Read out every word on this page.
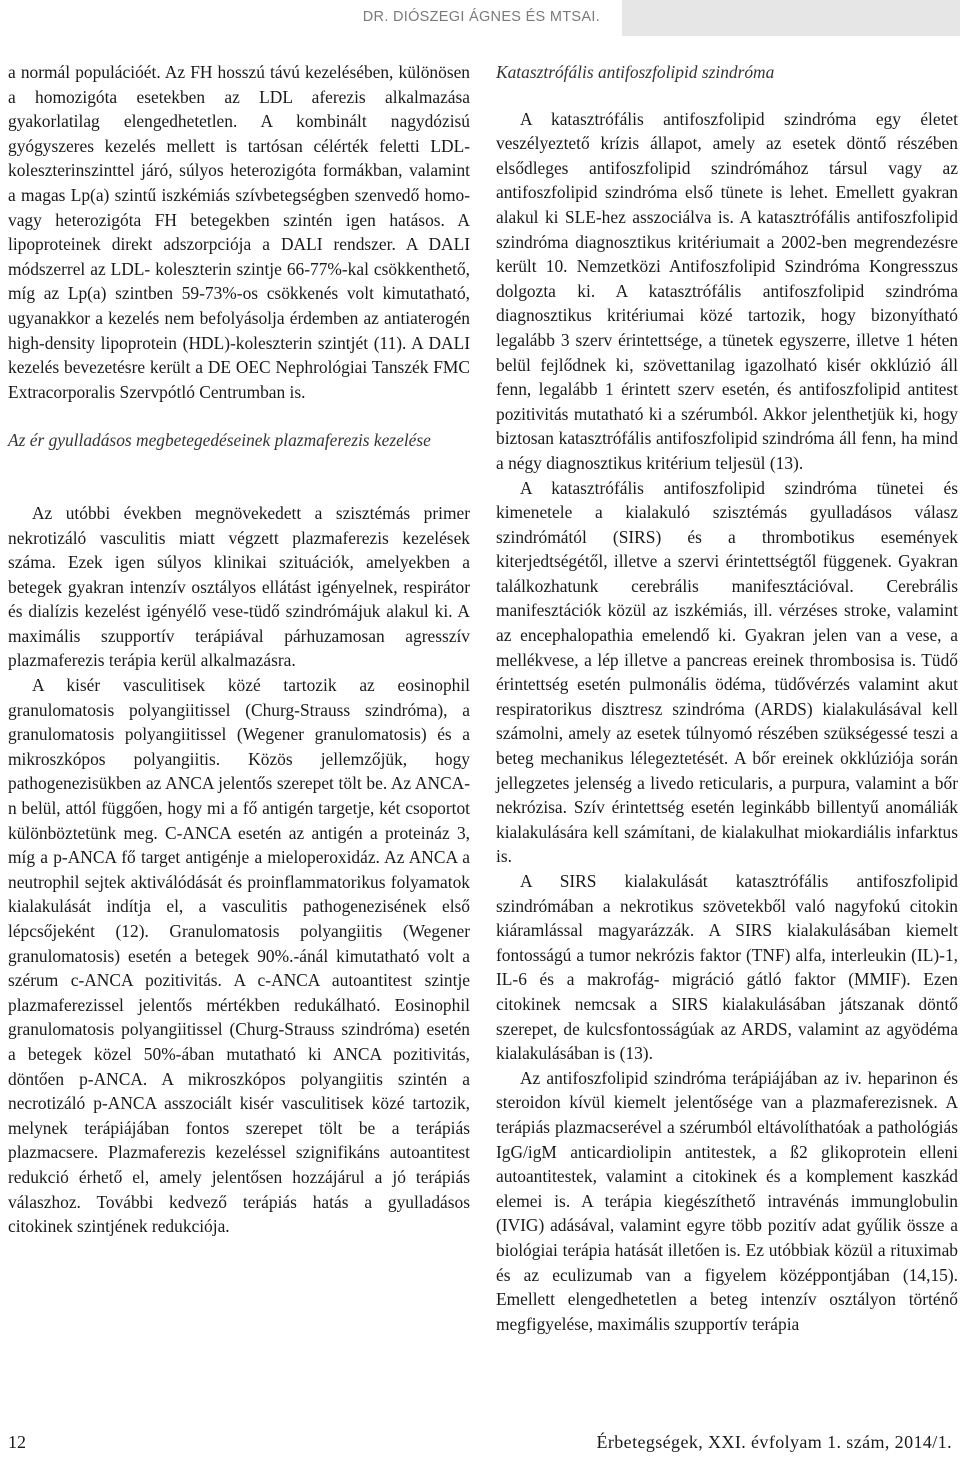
DR. DIÓSZEGI ÁGNES ÉS MTSAI.

a normál populációét. Az FH hosszú távú kezelésében, különösen a homozigóta esetekben az LDL aferezis alkalmazása gyakorlatilag elengedhetetlen. A kombinált nagydózisú gyógyszeres kezelés mellett is tartósan célérték feletti LDL-koleszterinszinttel járó, súlyos heterozigóta formákban, valamint a magas Lp(a) szintű iszkémiás szívbetegségben szenvedő homo- vagy heterozigóta FH betegekben szintén igen hatásos. A lipoproteinek direkt adszorpciója a DALI rendszer. A DALI módszerrel az LDL- koleszterin szintje 66-77%-kal csökkenthető, míg az Lp(a) szintben 59-73%-os csökkenés volt kimutatható, ugyanakkor a kezelés nem befolyásolja érdemben az antiaterogén high-density lipoprotein (HDL)-koleszterin szintjét (11). A DALI kezelés bevezetésre került a DE OEC Nephrológiai Tanszék FMC Extracorporalis Szervpótló Centrumban is.

Az ér gyulladásos megbetegedéseinek plazmaferezis kezelése

Az utóbbi években megnövekedett a szisztémás primer nekrotizáló vasculitis miatt végzett plazmaferezis kezelések száma. Ezek igen súlyos klinikai szituációk, amelyekben a betegek gyakran intenzív osztályos ellátást igényelnek, respirátor és dialízis kezelést igényélő vese-tüdő szindrómájuk alakul ki. A maximális szupportív terápiával párhuzamosan agresszív plazmaferezis terápia kerül alkalmazásra.

A kisér vasculitisek közé tartozik az eosinophil granulomatosis polyangiitissel (Churg-Strauss szindróma), a granulomatosis polyangiitissel (Wegener granulomatosis) és a mikroszkópos polyangiitis. Közös jellemzőjük, hogy pathogenezisükben az ANCA jelentős szerepet tölt be. Az ANCA-n belül, attól függően, hogy mi a fő antigén targetje, két csoportot különböztetünk meg. C-ANCA esetén az antigén a proteináz 3, míg a p-ANCA fő target antigénje a mieloperoxidáz. Az ANCA a neutrophil sejtek aktiválódását és proinflammatorikus folyamatok kialakulását indítja el, a vasculitis pathogenezisének első lépcsőjeként (12). Granulomatosis polyangiitis (Wegener granulomatosis) esetén a betegek 90%.-ánál kimutatható volt a szérum c-ANCA pozitivitás. A c-ANCA autoantitest szintje plazmaferezissel jelentős mértékben redukálható. Eosinophil granulomatosis polyangiitissel (Churg-Strauss szindróma) esetén a betegek közel 50%-ában mutatható ki ANCA pozitivitás, döntően p-ANCA. A mikroszkópos polyangiitis szintén a necrotizáló p-ANCA asszociált kisér vasculitisek közé tartozik, melynek terápiájában fontos szerepet tölt be a terápiás plazmacsere. Plazmaferezis kezeléssel szignifikáns autoantitest redukció érhető el, amely jelentősen hozzájárul a jó terápiás válaszhoz. További kedvező terápiás hatás a gyulladásos citokinek szintjének redukciója.

Katasztrófális antifoszfolipid szindróma

A katasztrófális antifoszfolipid szindróma egy életet veszélyeztető krízis állapot, amely az esetek döntő részében elsődleges antifoszfolipid szindrómához társul vagy az antifoszfolipid szindróma első tünete is lehet. Emellett gyakran alakul ki SLE-hez asszociálva is. A katasztrófális antifoszfolipid szindróma diagnosztikus kritériumait a 2002-ben megrendezésre került 10. Nemzetközi Antifoszfolipid Szindróma Kongresszus dolgozta ki. A katasztrófális antifoszfolipid szindróma diagnosztikus kritériumai közé tartozik, hogy bizonyítható legalább 3 szerv érintettsége, a tünetek egyszerre, illetve 1 héten belül fejlődnek ki, szövettanilag igazolható kisér okklúzió áll fenn, legalább 1 érintett szerv esetén, és antifoszfolipid antitest pozitivitás mutatható ki a szérumból. Akkor jelenthetjük ki, hogy biztosan katasztrófális antifoszfolipid szindróma áll fenn, ha mind a négy diagnosztikus kritérium teljesül (13).

A katasztrófális antifoszfolipid szindróma tünetei és kimenetele a kialakuló szisztémás gyulladásos válasz szindrómától (SIRS) és a thrombotikus események kiterjedtségétől, illetve a szervi érintettségtől függenek. Gyakran találkozhatunk cerebrális manifesztációval. Cerebrális manifesztációk közül az iszkémiás, ill. vérzéses stroke, valamint az encephalopathia emelendő ki. Gyakran jelen van a vese, a mellékvese, a lép illetve a pancreas ereinek thrombosisa is. Tüdő érintettség esetén pulmonális ödéma, tüdővérzés valamint akut respiratorikus disztresz szindróma (ARDS) kialakulásával kell számolni, amely az esetek túlnyomó részében szükségessé teszi a beteg mechanikus lélegeztetését. A bőr ereinek okklúziója során jellegzetes jelenség a livedo reticularis, a purpura, valamint a bőr nekrózisa. Szív érintettség esetén leginkább billentyű anomáliák kialakulására kell számítani, de kialakulhat miokardiális infarktus is.

A SIRS kialakulását katasztrófális antifoszfolipid szindrómában a nekrotikus szövetekből való nagyfokú citokin kiáramlással magyarázzák. A SIRS kialakulásában kiemelt fontosságú a tumor nekrózis faktor (TNF) alfa, interleukin (IL)-1, IL-6 és a makrofág- migráció gátló faktor (MMIF). Ezen citokinek nemcsak a SIRS kialakulásában játszanak döntő szerepet, de kulcsfontosságúak az ARDS, valamint az agyödéma kialakulásában is (13).

Az antifoszfolipid szindróma terápiájában az iv. heparinon és steroidon kívül kiemelt jelentősége van a plazmaferezisnek. A terápiás plazmacserével a szérumból eltávolíthatóak a pathológiás IgG/igM anticardiolipin antitestek, a ß2 glikoprotein elleni autoantitestek, valamint a citokinek és a komplement kaszkád elemei is. A terápia kiegészíthető intravénás immunglobulin (IVIG) adásával, valamint egyre több pozitív adat gyűlik össze a biológiai terápia hatását illetően is. Ez utóbbiak közül a rituximab és az eculizumab van a figyelem középpontjában (14,15). Emellett elengedhetetlen a beteg intenzív osztályon történő megfigyelése, maximális szupportív terápia

12	Érbetegségek, XXI. évfolyam 1. szám, 2014/1.
